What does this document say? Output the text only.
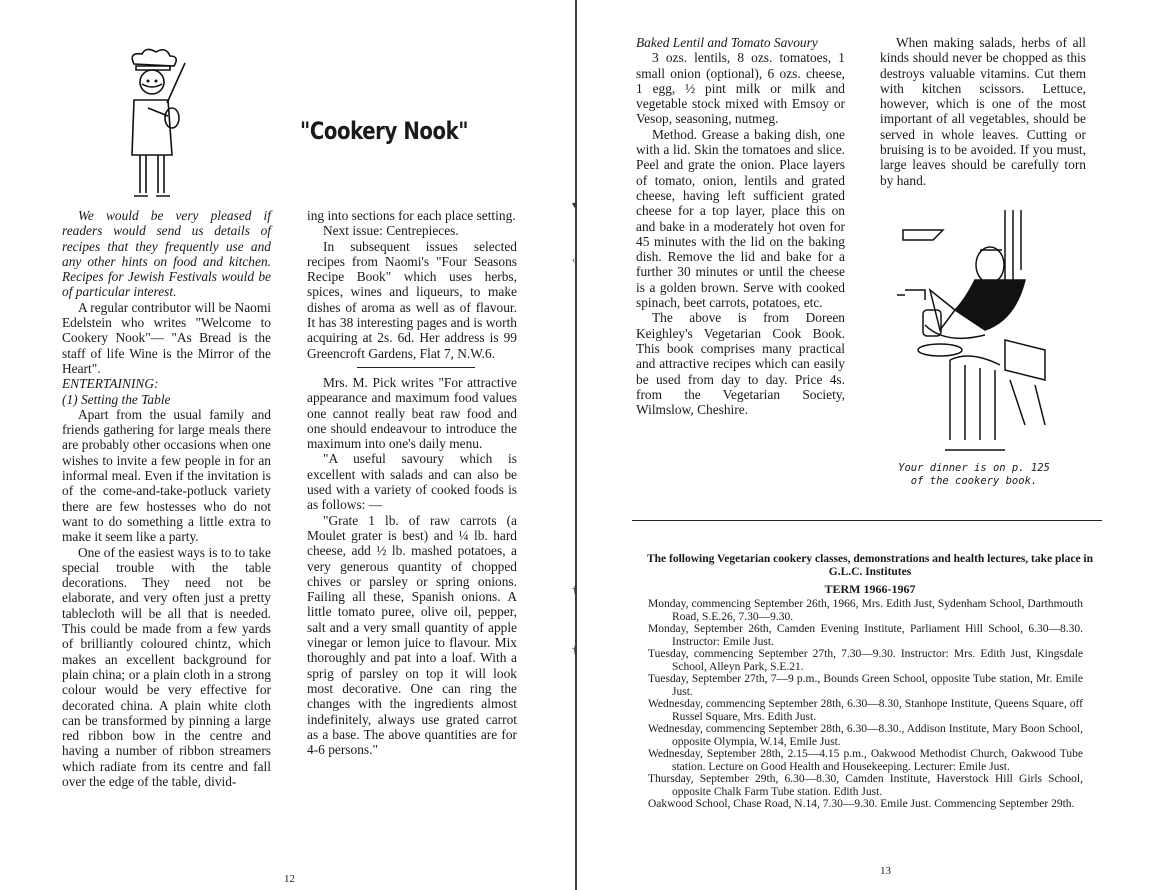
"Cookery Nook"

We would be very pleased if readers would send us details of recipes that they frequently use and any other hints on food and kitchen. Recipes for Jewish Festivals would be of particular interest.

A regular contributor will be Naomi Edelstein who writes "Welcome to Cookery Nook"— "As Bread is the staff of life Wine is the Mirror of the Heart".

ENTERTAINING:

(1) Setting the Table

Apart from the usual family and friends gathering for large meals there are probably other occasions when one wishes to invite a few people in for an informal meal. Even if the invitation is of the come-and-take-potluck variety there are few hostesses who do not want to do something a little extra to make it seem like a party.

One of the easiest ways is to to take special trouble with the table decorations. They need not be elaborate, and very often just a pretty tablecloth will be all that is needed. This could be made from a few yards of brilliantly coloured chintz, which makes an excellent background for plain china; or a plain cloth in a strong colour would be very effective for decorated china. A plain white cloth can be transformed by pinning a large red ribbon bow in the centre and having a number of ribbon streamers which radiate from its centre and fall over the edge of the table, divid-

ing into sections for each place setting.

Next issue: Centrepieces.

In subsequent issues selected recipes from Naomi's "Four Seasons Recipe Book" which uses herbs, spices, wines and liqueurs, to make dishes of aroma as well as of flavour. It has 38 interesting pages and is worth acquiring at 2s. 6d. Her address is 99 Greencroft Gardens, Flat 7, N.W.6.

Mrs. M. Pick writes "For attractive appearance and maximum food values one cannot really beat raw food and one should endeavour to introduce the maximum into one's daily menu.

"A useful savoury which is excellent with salads and can also be used with a variety of cooked foods is as follows: —

"Grate 1 lb. of raw carrots (a Moulet grater is best) and ¼ lb. hard cheese, add ½ lb. mashed potatoes, a very generous quantity of chopped chives or parsley or spring onions. Failing all these, Spanish onions. A little tomato puree, olive oil, pepper, salt and a very small quantity of apple vinegar or lemon juice to flavour. Mix thoroughly and pat into a loaf. With a sprig of parsley on top it will look most decorative. One can ring the changes with the ingredients almost indefinitely, always use grated carrot as a base. The above quantities are for 4-6 persons."

12
▾
‹
†
†

Baked Lentil and Tomato Savoury

3 ozs. lentils, 8 ozs. tomatoes, 1 small onion (optional), 6 ozs. cheese, 1 egg, ½ pint milk or milk and vegetable stock mixed with Emsoy or Vesop, seasoning, nutmeg.

Method. Grease a baking dish, one with a lid. Skin the tomatoes and slice. Peel and grate the onion. Place layers of tomato, onion, lentils and grated cheese, having left sufficient grated cheese for a top layer, place this on and bake in a moderately hot oven for 45 minutes with the lid on the baking dish. Remove the lid and bake for a further 30 minutes or until the cheese is a golden brown. Serve with cooked spinach, beet carrots, potatoes, etc.

The above is from Doreen Keighley's Vegetarian Cook Book. This book comprises many practical and attractive recipes which can easily be used from day to day. Price 4s. from the Vegetarian Society, Wilmslow, Cheshire.

When making salads, herbs of all kinds should never be chopped as this destroys valuable vitamins. Cut them with kitchen scissors. Lettuce, however, which is one of the most important of all vegetables, should be served in whole leaves. Cutting or bruising is to be avoided. If you must, large leaves should be carefully torn by hand.

Your dinner is on p. 125 of the cookery book.
The following Vegetarian cookery classes, demonstrations and health lectures, take place in G.L.C. Institutes
TERM 1966-1967

Monday, commencing September 26th, 1966, Mrs. Edith Just, Sydenham School, Darthmouth Road, S.E.26, 7.30—9.30.

Monday, September 26th, Camden Evening Institute, Parliament Hill School, 6.30—8.30. Instructor: Emile Just.

Tuesday, commencing September 27th, 7.30—9.30. Instructor: Mrs. Edith Just, Kingsdale School, Alleyn Park, S.E.21.

Tuesday, September 27th, 7—9 p.m., Bounds Green School, opposite Tube station, Mr. Emile Just.

Wednesday, commencing September 28th, 6.30—8.30, Stanhope Institute, Queens Square, off Russel Square, Mrs. Edith Just.

Wednesday, commencing September 28th, 6.30—8.30., Addison Institute, Mary Boon School, opposite Olympia, W.14, Emile Just.

Wednesday, September 28th, 2.15—4.15 p.m., Oakwood Methodist Church, Oakwood Tube station. Lecture on Good Health and Housekeeping. Lecturer: Emile Just.

Thursday, September 29th, 6.30—8.30, Camden Institute, Haverstock Hill Girls School, opposite Chalk Farm Tube station. Edith Just.

Oakwood School, Chase Road, N.14, 7.30—9.30. Emile Just. Commencing September 29th.

13
